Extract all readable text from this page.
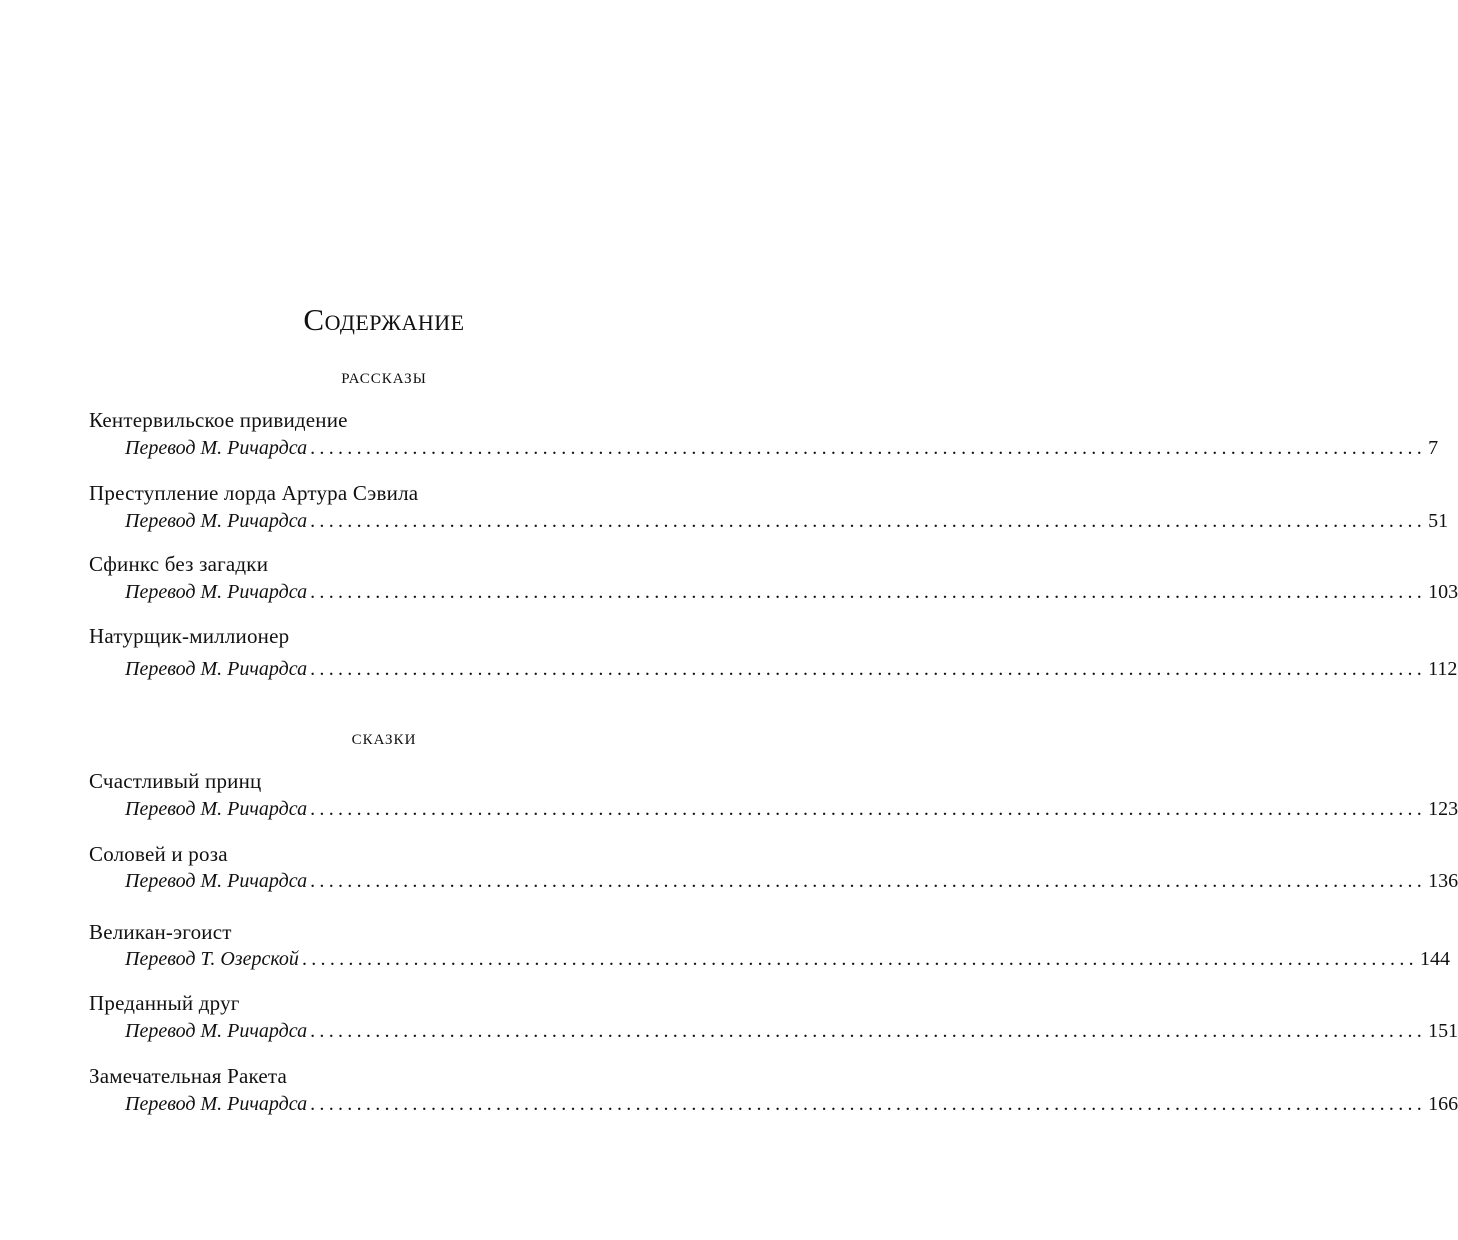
Содержание
рассказы
Кентервильское привидение
Перевод М. Ричардса ........................................................................................................................ 7
Преступление лорда Артура Сэвила
Перевод М. Ричардса ........................................................................................................................ 51
Сфинкс без загадки
Перевод М. Ричардса ........................................................................................................................ 103
Натурщик-миллионер
Перевод М. Ричардса ........................................................................................................................ 112
сказки
Счастливый принц
Перевод М. Ричардса ........................................................................................................................ 123
Соловей и роза
Перевод М. Ричардса ........................................................................................................................ 136
Великан-эгоист
Перевод Т. Озерской ........................................................................................................................ 144
Преданный друг
Перевод М. Ричардса ........................................................................................................................ 151
Замечательная Ракета
Перевод М. Ричардса ........................................................................................................................ 166
